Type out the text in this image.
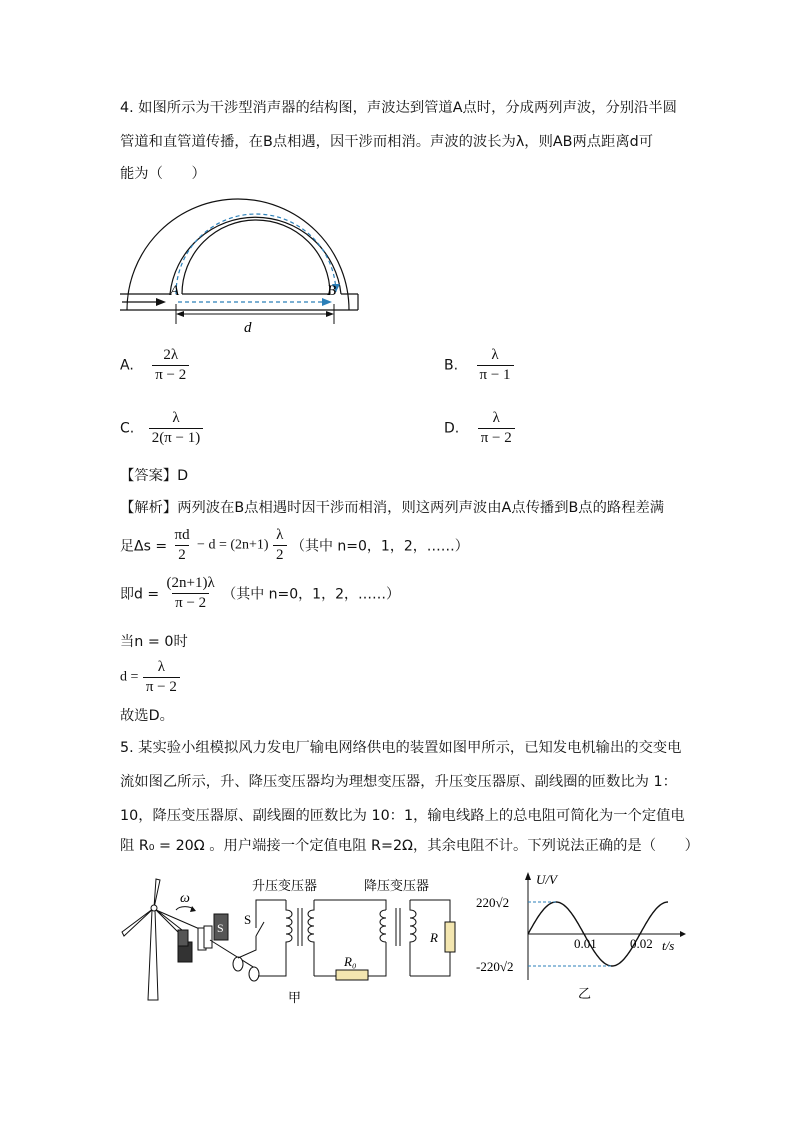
4. 如图所示为干涉型消声器的结构图，声波达到管道A点时，分成两列声波，分别沿半圆
管道和直管道传播，在B点相遇，因干涉而相消。声波的波长为λ，则AB两点距离d可
能为（　　）
A	B
d
A. $\frac{2\lambda}{\pi - 2}$	B. $\frac{\lambda}{\pi - 1}$
C. $\frac{\lambda}{2(\pi - 1)}$	D. $\frac{\lambda}{\pi - 2}$
【答案】D
【解析】两列波在B点相遇时因干涉而相消，则这两列声波由A点传播到B点的路程差满
足$\Delta s = \frac{\pi d}{2} - d = (2n+1) \frac{\lambda}{2}$ （其中 n=0，1，2，……）
即$d = \frac{(2n+1)\lambda}{\pi - 2}$ （其中 n=0，1，2，……）
当n = 0时
$d = \frac{\lambda}{\pi - 2}$
故选D。
5. 某实验小组模拟风力发电厂输电网络供电的装置如图甲所示，已知发电机输出的交变电
流如图乙所示，升、降压变压器均为理想变压器，升压变压器原、副线圈的匝数比为 1：
10，降压变压器原、副线圈的匝数比为 10：1，输电线路上的总电阻可简化为一个定值电
阻 R₀ = 20Ω 。用户端接一个定值电阻 R=2Ω，其余电阻不计。下列说法正确的是（　　）
ω
S
S
R₀
R
升压变压器	降压变压器
甲
U/V
t/s
220√2
-220√2
0.01	0.02
乙
